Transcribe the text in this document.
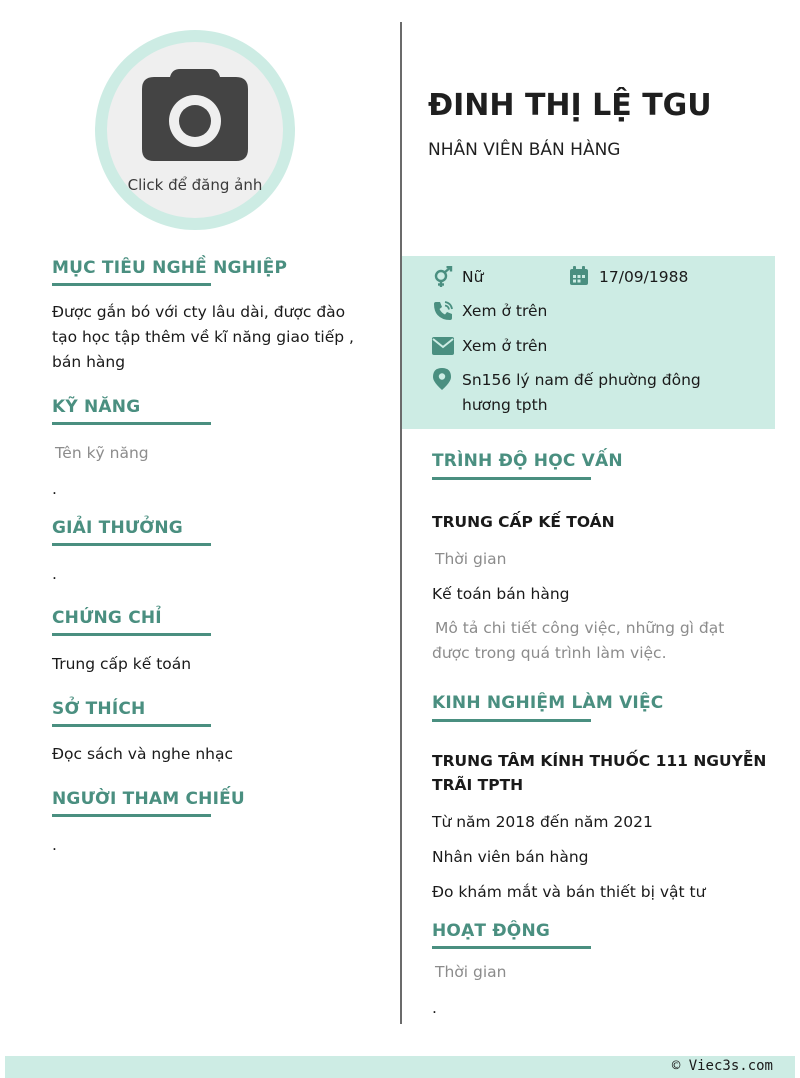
Click để đăng ảnh
MỤC TIÊU NGHỀ NGHIỆP
Được gắn bó với cty lâu dài, được đào
tạo học tập thêm về kĩ năng giao tiếp ,
bán hàng
KỸ NĂNG
Tên kỹ năng
.
GIẢI THƯỞNG
.
CHỨNG CHỈ
Trung cấp kế toán
SỞ THÍCH
Đọc sách và nghe nhạc
NGƯỜI THAM CHIẾU
.
ĐINH THỊ LỆ TGU
NHÂN VIÊN BÁN HÀNG
Nữ	17/09/1988
Xem ở trên
Xem ở trên
Sn156 lý nam đế phường đông
hương tpth
TRÌNH ĐỘ HỌC VẤN
TRUNG CẤP KẾ TOÁN
Thời gian
Kế toán bán hàng
Mô tả chi tiết công việc, những gì đạt
được trong quá trình làm việc.
KINH NGHIỆM LÀM VIỆC
TRUNG TÂM KÍNH THUỐC 111 NGUYỄN
TRÃI TPTH
Từ năm 2018 đến năm 2021
Nhân viên bán hàng
Đo khám mắt và bán thiết bị vật tư
HOẠT ĐỘNG
Thời gian
.
© Viec3s.com
